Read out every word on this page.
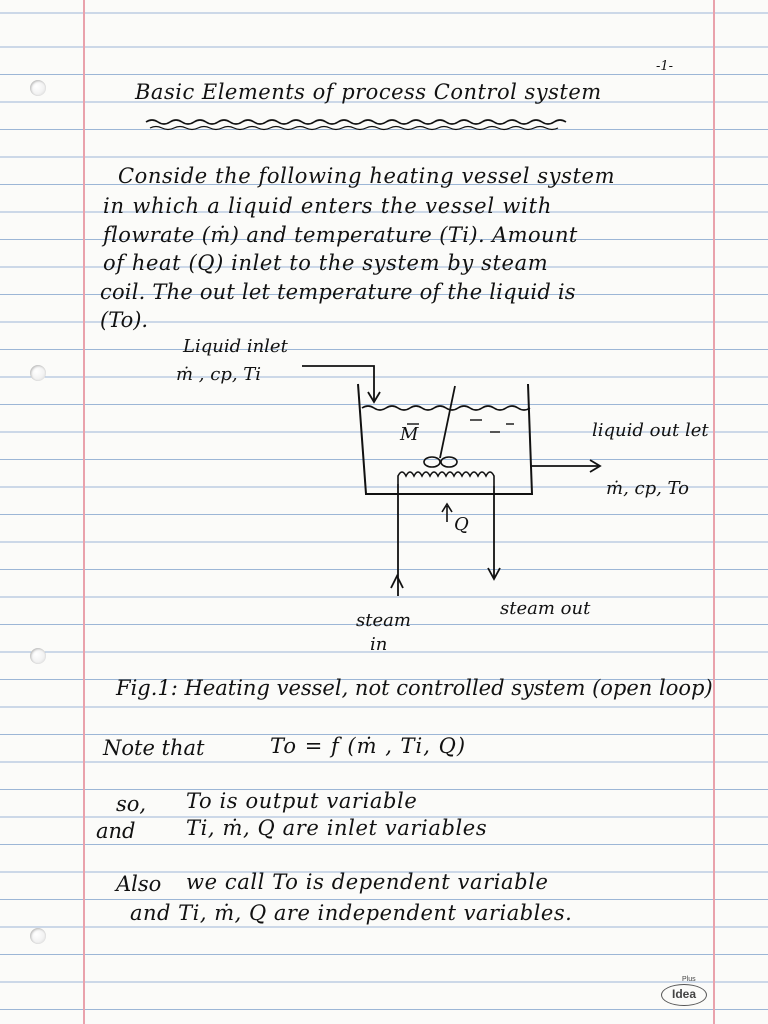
-1-
Basic Elements of process Control system
Conside the following heating vessel system
in which a liquid enters the vessel with
flowrate (ṁ) and temperature (Ti). Amount
of heat (Q) inlet to the system by steam
coil. The out let temperature of the liquid is
(To).
Liquid inlet
ṁ , cp, Ti
M	liquid out let
ṁ, cp, To
Q
steam
in
steam out
Fig.1: Heating vessel, not controlled system (open loop)
Note that	To = f (ṁ , Ti, Q)
so, To is output variable
and Ti, ṁ, Q are inlet variables
Also we call To is dependent variable
and Ti, ṁ, Q are independent variables.
Plus
Idea
